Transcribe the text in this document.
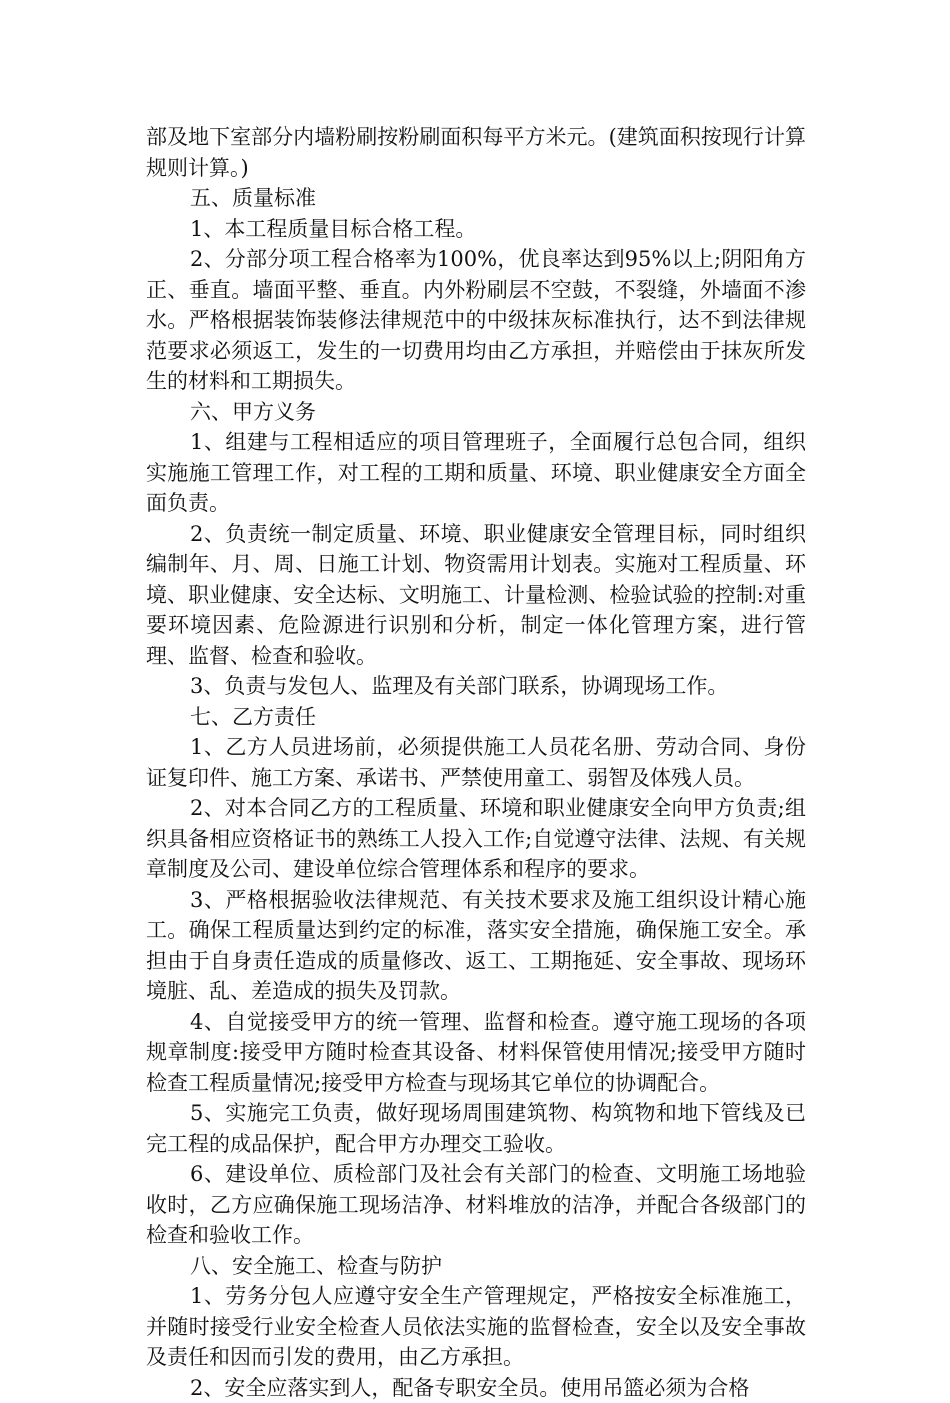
部及地下室部分内墙粉刷按粉刷面积每平方米元。(建筑面积按现行计算规则计算。)

五、质量标准

1、本工程质量目标合格工程。

2、分部分项工程合格率为100%，优良率达到95%以上;阴阳角方正、垂直。墙面平整、垂直。内外粉刷层不空鼓，不裂缝，外墙面不渗水。严格根据装饰装修法律规范中的中级抹灰标准执行，达不到法律规范要求必须返工，发生的一切费用均由乙方承担，并赔偿由于抹灰所发生的材料和工期损失。

六、甲方义务

1、组建与工程相适应的项目管理班子，全面履行总包合同，组织实施施工管理工作，对工程的工期和质量、环境、职业健康安全方面全面负责。

2、负责统一制定质量、环境、职业健康安全管理目标，同时组织编制年、月、周、日施工计划、物资需用计划表。实施对工程质量、环境、职业健康、安全达标、文明施工、计量检测、检验试验的控制:对重要环境因素、危险源进行识别和分析，制定一体化管理方案，进行管理、监督、检查和验收。

3、负责与发包人、监理及有关部门联系，协调现场工作。

七、乙方责任

1、乙方人员进场前，必须提供施工人员花名册、劳动合同、身份证复印件、施工方案、承诺书、严禁使用童工、弱智及体残人员。

2、对本合同乙方的工程质量、环境和职业健康安全向甲方负责;组织具备相应资格证书的熟练工人投入工作;自觉遵守法律、法规、有关规章制度及公司、建设单位综合管理体系和程序的要求。

3、严格根据验收法律规范、有关技术要求及施工组织设计精心施工。确保工程质量达到约定的标准，落实安全措施，确保施工安全。承担由于自身责任造成的质量修改、返工、工期拖延、安全事故、现场环境脏、乱、差造成的损失及罚款。

4、自觉接受甲方的统一管理、监督和检查。遵守施工现场的各项规章制度:接受甲方随时检查其设备、材料保管使用情况;接受甲方随时检查工程质量情况;接受甲方检查与现场其它单位的协调配合。

5、实施完工负责，做好现场周围建筑物、构筑物和地下管线及已完工程的成品保护，配合甲方办理交工验收。

6、建设单位、质检部门及社会有关部门的检查、文明施工场地验收时，乙方应确保施工现场洁净、材料堆放的洁净，并配合各级部门的检查和验收工作。

八、安全施工、检查与防护

1、劳务分包人应遵守安全生产管理规定，严格按安全标准施工，并随时接受行业安全检查人员依法实施的监督检查，安全以及安全事故及责任和因而引发的费用，由乙方承担。

2、安全应落实到人，配备专职安全员。使用吊篮必须为合格
